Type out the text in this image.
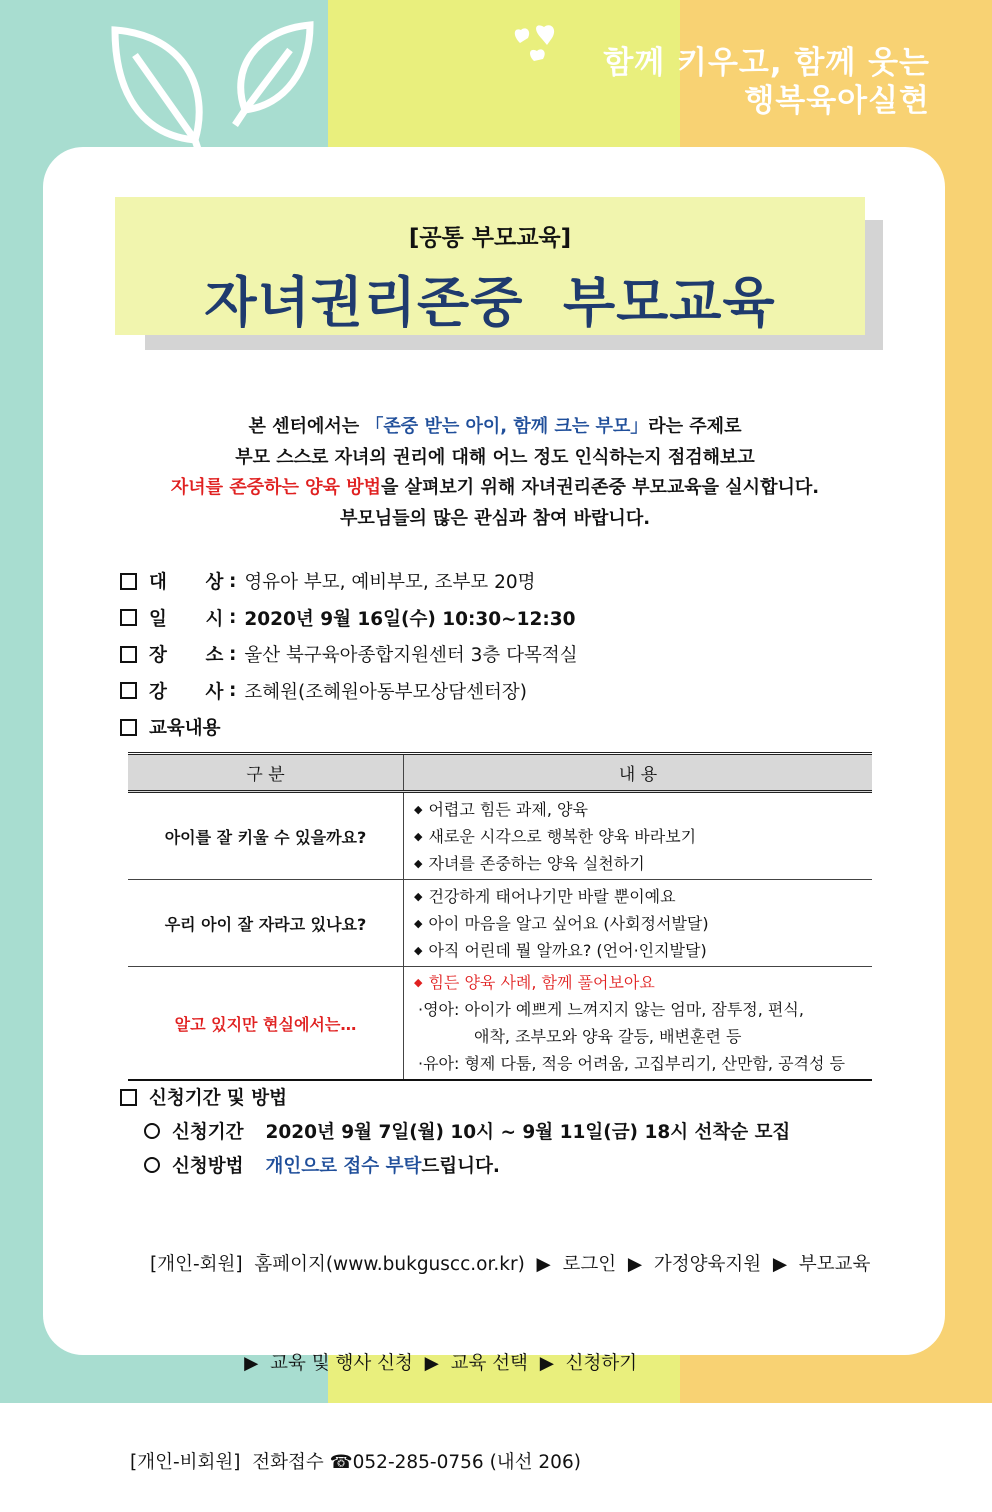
함께 키우고, 함께 웃는
행복육아실현
[공통 부모교육]
자녀권리존중  부모교육
본 센터에서는 「존중 받는 아이, 함께 크는 부모」라는 주제로
부모 스스로 자녀의 권리에 대해 어느 정도 인식하는지 점검해보고
자녀를 존중하는 양육 방법을 살펴보기 위해 자녀권리존중 부모교육을 실시합니다.
부모님들의 많은 관심과 참여 바랍니다.
대      상 : 영유아 부모, 예비부모, 조부모 20명
일      시 : 2020년 9월 16일(수) 10:30~12:30
장      소 : 울산 북구육아종합지원센터 3층 다목적실
강      사 : 조혜원(조혜원아동부모상담센터장)
교육내용
구 분	내 용
아이를 잘 키울 수 있을까요?	◆ 어렵고 힘든 과제, 양육
◆ 새로운 시각으로 행복한 양육 바라보기
◆ 자녀를 존중하는 양육 실천하기

우리 아이 잘 자라고 있나요?	◆ 건강하게 태어나기만 바랄 뿐이예요
◆ 아이 마음을 알고 싶어요 (사회정서발달)
◆ 아직 어린데 뭘 알까요? (언어·인지발달)

알고 있지만 현실에서는…	◆ 힘든 양육 사례, 함께 풀어보아요
·영아: 아이가 예쁘게 느껴지지 않는 엄마, 잠투정, 편식,
애착, 조부모와 양육 갈등, 배변훈련 등
·유아: 형제 다툼, 적응 어려움, 고집부리기, 산만함, 공격성 등
신청기간 및 방법
신청기간 2020년 9월 7일(월) 10시 ~ 9월 11일(금) 18시 선착순 모집
신청방법 개인으로 접수 부탁 드립니다.

[개인-회원]  홈페이지(www.bukguscc.or.kr)  ▶  로그인  ▶  가정양육지원  ▶  부모교육

▶  교육 및 행사 신청  ▶  교육 선택  ▶  신청하기

[개인-비회원]  전화접수 ☎052-285-0756 (내선 206)
